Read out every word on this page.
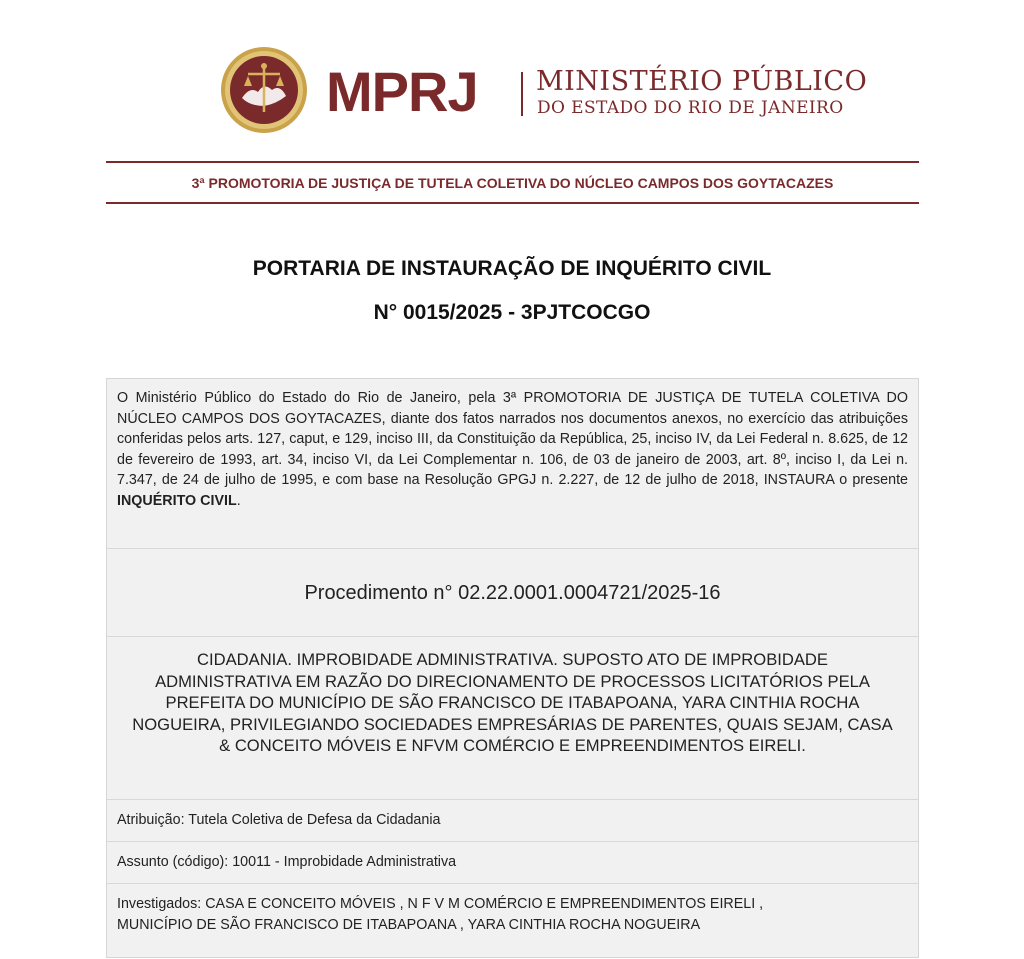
MPRJ MINISTÉRIO PÚBLICO
DO ESTADO DO RIO DE JANEIRO
3ª PROMOTORIA DE JUSTIÇA DE TUTELA COLETIVA DO NÚCLEO CAMPOS DOS GOYTACAZES
PORTARIA DE INSTAURAÇÃO DE INQUÉRITO CIVIL
N° 0015/2025 - 3PJTCOCGO
O Ministério Público do Estado do Rio de Janeiro, pela 3ª PROMOTORIA DE JUSTIÇA DE TUTELA COLETIVA DO NÚCLEO CAMPOS DOS GOYTACAZES, diante dos fatos narrados nos documentos anexos, no exercício das atribuições conferidas pelos arts. 127, caput, e 129, inciso III, da Constituição da República, 25, inciso IV, da Lei Federal n. 8.625, de 12 de fevereiro de 1993, art. 34, inciso VI, da Lei Complementar n. 106, de 03 de janeiro de 2003, art. 8º, inciso I, da Lei n. 7.347, de 24 de julho de 1995, e com base na Resolução GPGJ n. 2.227, de 12 de julho de 2018, INSTAURA o presente INQUÉRITO CIVIL.
Procedimento n° 02.22.0001.0004721/2025-16
CIDADANIA. IMPROBIDADE ADMINISTRATIVA. SUPOSTO ATO DE IMPROBIDADE ADMINISTRATIVA EM RAZÃO DO DIRECIONAMENTO DE PROCESSOS LICITATÓRIOS PELA PREFEITA DO MUNICÍPIO DE SÃO FRANCISCO DE ITABAPOANA, YARA CINTHIA ROCHA NOGUEIRA, PRIVILEGIANDO SOCIEDADES EMPRESÁRIAS DE PARENTES, QUAIS SEJAM, CASA & CONCEITO MÓVEIS E NFVM COMÉRCIO E EMPREENDIMENTOS EIRELI.
Atribuição: Tutela Coletiva de Defesa da Cidadania
Assunto (código): 10011 - Improbidade Administrativa
Investigados: CASA E CONCEITO MÓVEIS , N F V M COMÉRCIO E EMPREENDIMENTOS EIRELI ,
MUNICÍPIO DE SÃO FRANCISCO DE ITABAPOANA , YARA CINTHIA ROCHA NOGUEIRA
